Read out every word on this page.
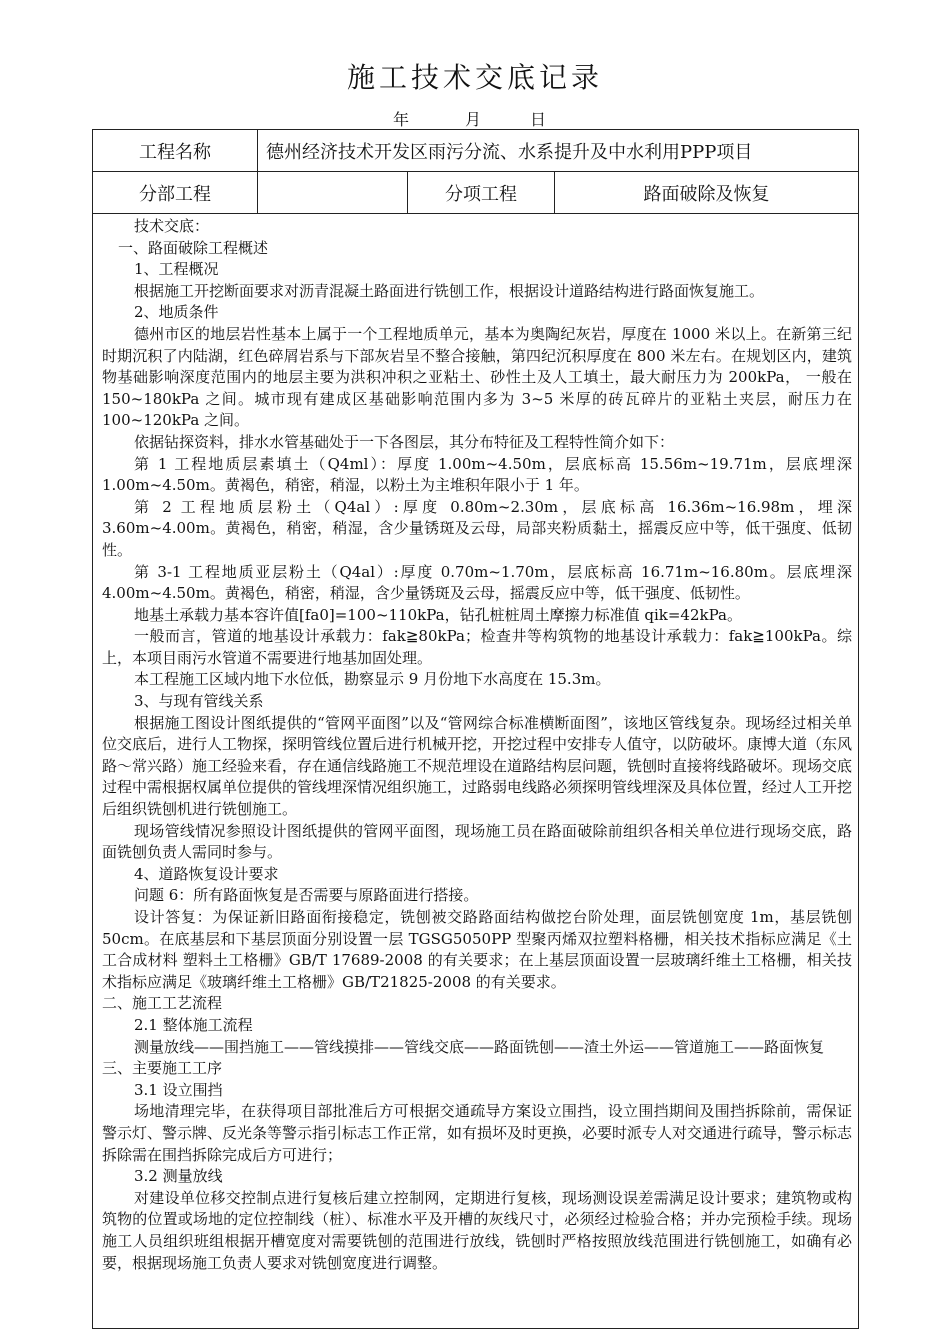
施工技术交底记录
年	月	日
工程名称	德州经济技术开发区雨污分流、水系提升及中水利用PPP项目
分部工程	分项工程	路面破除及恢复

技术交底：

一、路面破除工程概述

1、工程概况

根据施工开挖断面要求对沥青混凝土路面进行铣刨工作，根据设计道路结构进行路面恢复施工。

2、地质条件

德州市区的地层岩性基本上属于一个工程地质单元，基本为奥陶纪灰岩，厚度在 1000 米以上。在新第三纪时期沉积了内陆湖，红色碎屑岩系与下部灰岩呈不整合接触，第四纪沉积厚度在 800 米左右。在规划区内，建筑物基础影响深度范围内的地层主要为洪积冲积之亚粘土、砂性土及人工填土，最大耐压力为 200kPa， 一般在 150~180kPa 之间。城市现有建成区基础影响范围内多为 3~5 米厚的砖瓦碎片的亚粘土夹层，耐压力在 100~120kPa 之间。

依据钻探资料，排水水管基础处于一下各图层，其分布特征及工程特性简介如下：

第 1 工程地质层素填土（Q4ml）：厚度 1.00m~4.50m，层底标高 15.56m~19.71m，层底埋深 1.00m~4.50m。黄褐色，稍密，稍湿，以粉土为主堆积年限小于 1 年。

第 2 工程地质层粉土（Q4al）:厚度 0.80m~2.30m，层底标高 16.36m~16.98m，埋深 3.60m~4.00m。黄褐色，稍密，稍湿，含少量锈斑及云母，局部夹粉质黏土，摇震反应中等，低干强度、低韧性。

第 3-1 工程地质亚层粉土（Q4al）:厚度 0.70m~1.70m，层底标高 16.71m~16.80m。层底埋深 4.00m~4.50m。黄褐色，稍密，稍湿，含少量锈斑及云母，摇震反应中等，低干强度、低韧性。

地基土承载力基本容许值[fa0]=100~110kPa，钻孔桩桩周土摩擦力标准值 qik=42kPa。

一般而言，管道的地基设计承载力：fak≧80kPa；检查井等构筑物的地基设计承载力：fak≧100kPa。综上，本项目雨污水管道不需要进行地基加固处理。

本工程施工区域内地下水位低，勘察显示 9 月份地下水高度在 15.3m。

3、与现有管线关系

根据施工图设计图纸提供的“管网平面图”以及“管网综合标准横断面图”，该地区管线复杂。现场经过相关单位交底后，进行人工物探，探明管线位置后进行机械开挖，开挖过程中安排专人值守，以防破坏。康博大道（东风路～常兴路）施工经验来看，存在通信线路施工不规范埋设在道路结构层问题，铣刨时直接将线路破坏。现场交底过程中需根据权属单位提供的管线埋深情况组织施工，过路弱电线路必须探明管线埋深及具体位置，经过人工开挖后组织铣刨机进行铣刨施工。

现场管线情况参照设计图纸提供的管网平面图，现场施工员在路面破除前组织各相关单位进行现场交底，路面铣刨负责人需同时参与。

4、道路恢复设计要求

问题 6：所有路面恢复是否需要与原路面进行搭接。

设计答复：为保证新旧路面衔接稳定，铣刨被交路路面结构做挖台阶处理，面层铣刨宽度 1m，基层铣刨 50cm。在底基层和下基层顶面分别设置一层 TGSG5050PP 型聚丙烯双拉塑料格栅，相关技术指标应满足《土工合成材料 塑料土工格栅》GB/T 17689-2008 的有关要求；在上基层顶面设置一层玻璃纤维土工格栅，相关技术指标应满足《玻璃纤维土工格栅》GB/T21825-2008 的有关要求。

二、施工工艺流程

2.1 整体施工流程

测量放线——围挡施工——管线摸排——管线交底——路面铣刨——渣土外运——管道施工——路面恢复

三、主要施工工序

3.1 设立围挡

场地清理完毕，在获得项目部批准后方可根据交通疏导方案设立围挡，设立围挡期间及围挡拆除前，需保证警示灯、警示牌、反光条等警示指引标志工作正常，如有损坏及时更换，必要时派专人对交通进行疏导，警示标志拆除需在围挡拆除完成后方可进行；

3.2 测量放线

对建设单位移交控制点进行复核后建立控制网，定期进行复核，现场测设误差需满足设计要求；建筑物或构筑物的位置或场地的定位控制线（桩）、标准水平及开槽的灰线尺寸，必须经过检验合格；并办完预检手续。现场施工人员组织班组根据开槽宽度对需要铣刨的范围进行放线，铣刨时严格按照放线范围进行铣刨施工，如确有必要，根据现场施工负责人要求对铣刨宽度进行调整。
